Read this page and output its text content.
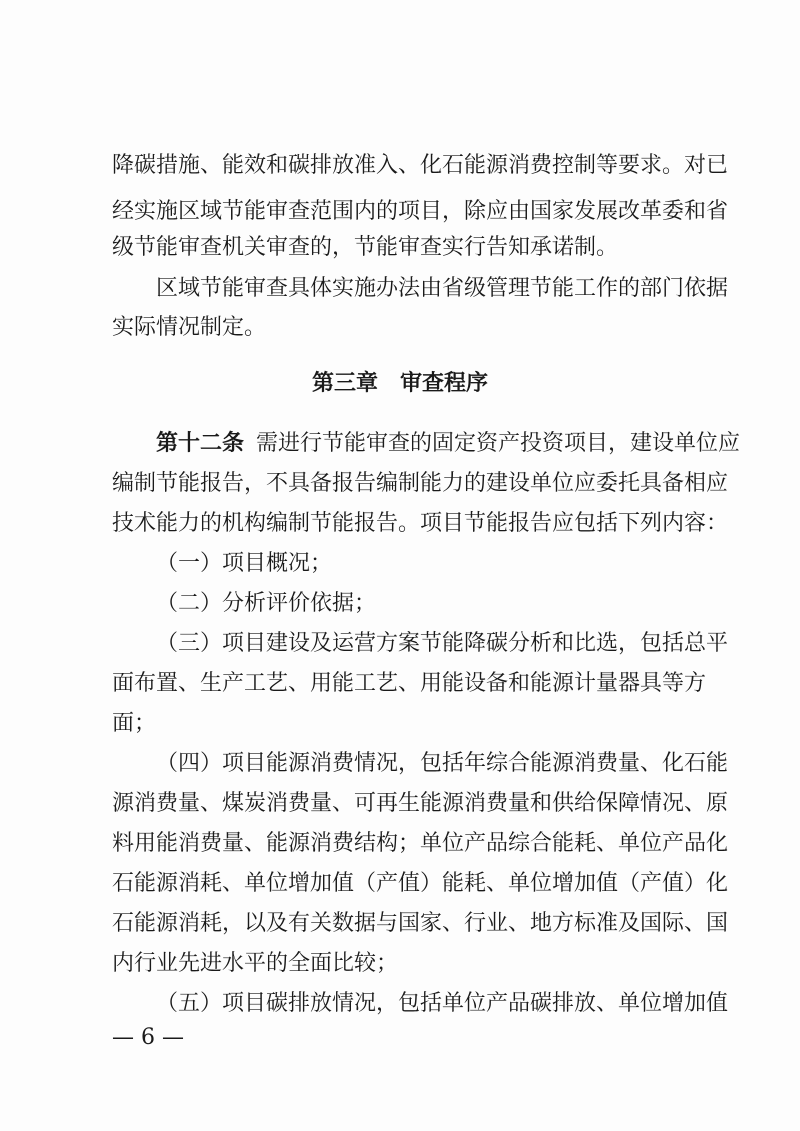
降碳措施、能效和碳排放准入、化石能源消费控制等要求。对已
经实施区域节能审查范围内的项目，除应由国家发展改革委和省
级节能审查机关审查的，节能审查实行告知承诺制。
区域节能审查具体实施办法由省级管理节能工作的部门依据
实际情况制定。
第三章 审查程序
第十二条 需进行节能审查的固定资产投资项目，建设单位应
编制节能报告，不具备报告编制能力的建设单位应委托具备相应
技术能力的机构编制节能报告。项目节能报告应包括下列内容：
（一）项目概况；
（二）分析评价依据；
（三）项目建设及运营方案节能降碳分析和比选，包括总平
面布置、生产工艺、用能工艺、用能设备和能源计量器具等方
面；
（四）项目能源消费情况，包括年综合能源消费量、化石能
源消费量、煤炭消费量、可再生能源消费量和供给保障情况、原
料用能消费量、能源消费结构；单位产品综合能耗、单位产品化
石能源消耗、单位增加值（产值）能耗、单位增加值（产值）化
石能源消耗，以及有关数据与国家、行业、地方标准及国际、国
内行业先进水平的全面比较；
（五）项目碳排放情况，包括单位产品碳排放、单位增加值
— 6 —
